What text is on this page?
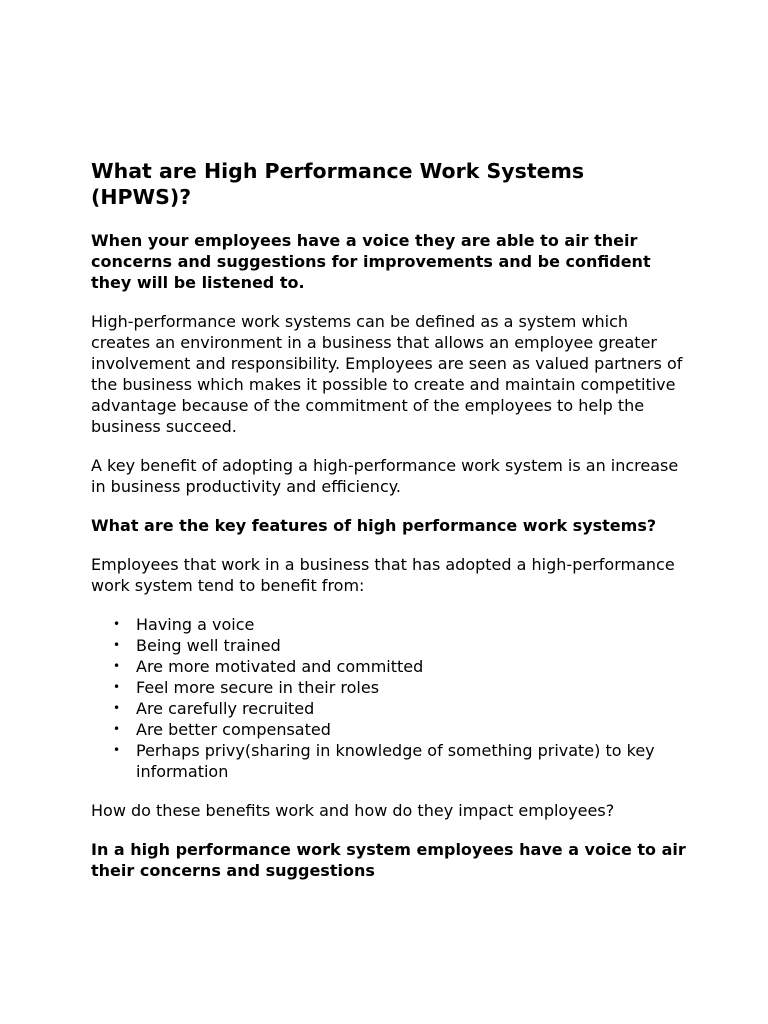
What are High Performance Work Systems (HPWS)?

When your employees have a voice they are able to air their concerns and suggestions for improvements and be confident they will be listened to.

High-performance work systems can be defined as a system which creates an environment in a business that allows an employee greater involvement and responsibility. Employees are seen as valued partners of the business which makes it possible to create and maintain competitive advantage because of the commitment of the employees to help the business succeed.

A key benefit of adopting a high-performance work system is an increase in business productivity and efficiency.

What are the key features of high performance work systems?

Employees that work in a business that has adopted a high-performance work system tend to benefit from:

• Having a voice
• Being well trained
• Are more motivated and committed
• Feel more secure in their roles
• Are carefully recruited
• Are better compensated
• Perhaps privy(sharing in knowledge of something private) to key information

How do these benefits work and how do they impact employees?

In a high performance work system employees have a voice to air their concerns and suggestions
